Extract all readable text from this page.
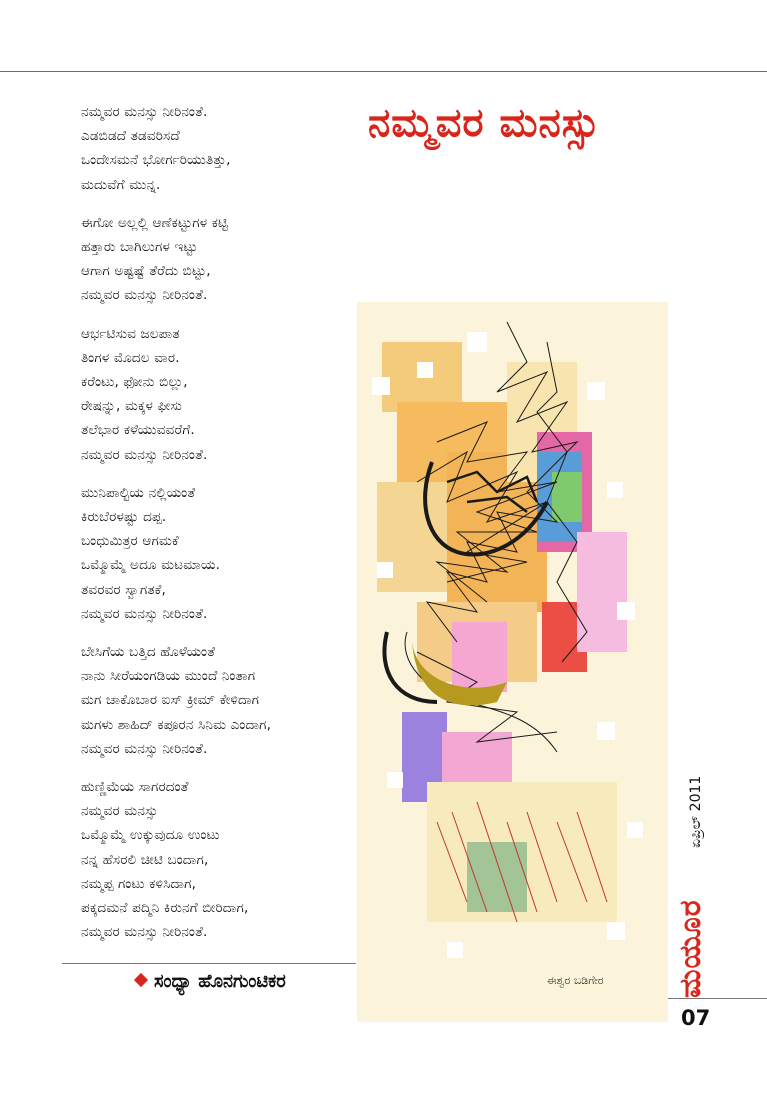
ನಮ್ಮವರ ಮನಸ್ಸು ನೀರಿನಂತೆ.
ಎಡಬಿಡದೆ ತಡವರಿಸದೆ
ಒಂದೇಸಮನೆ ಭೋರ್ಗರಿಯುತಿತ್ತು,
ಮದುವೆಗೆ ಮುನ್ನ.
ಈಗೋ ಅಲ್ಲಲ್ಲಿ ಆಣೆಕಟ್ಟುಗಳ ಕಟ್ಟಿ
ಹತ್ತಾರು ಬಾಗಿಲುಗಳ ಇಟ್ಟು
ಆಗಾಗ ಅಷ್ಟಷ್ಟೆ ತೆರೆದು ಬಿಟ್ಟು,
ನಮ್ಮವರ ಮನಸ್ಸು ನೀರಿನಂತೆ.
ಆರ್ಭಟಿಸುವ ಜಲಪಾತ
ತಿಂಗಳ ಮೊದಲ ವಾರ.
ಕರೆಂಟು, ಫೋನು ಬಿಲ್ಲು,
ರೇಷನ್ನು, ಮಕ್ಕಳ ಫೀಸು
ತಲೆಭಾರ ಕಳೆಯುವವರೆಗೆ.
ನಮ್ಮವರ ಮನಸ್ಸು ನೀರಿನಂತೆ.
ಮುನಿಪಾಲ್ಟಿಯ ನಲ್ಲಿಯಂತೆ
ಕಿರುಬೆರಳಷ್ಟು ದಪ್ಪ.
ಬಂಧುಮಿತ್ರರ ಆಗಮಕೆ
ಒಮ್ಮೊಮ್ಮೆ ಅದೂ ಮಟಮಾಯ.
ತವರವರ ಸ್ವಾಗತಕೆ,
ನಮ್ಮವರ ಮನಸ್ಸು ನೀರಿನಂತೆ.
ಬೇಸಿಗೆಯ ಬತ್ತಿದ ಹೊಳೆಯಂತೆ
ನಾನು ಸೀರೆಯಂಗಡಿಯ ಮುಂದೆ ನಿಂತಾಗ
ಮಗ ಚಾಕೊಬಾರ ಐಸ್ ಕ್ರೀಮ್ ಕೇಳಿದಾಗ
ಮಗಳು ಶಾಹಿದ್ ಕಪೂರನ ಸಿನಿಮ ಎಂದಾಗ,
ನಮ್ಮವರ ಮನಸ್ಸು ನೀರಿನಂತೆ.
ಹುಣ್ಣಿಮೆಯ ಸಾಗರದಂತೆ
ನಮ್ಮವರ ಮನಸ್ಸು
ಒಮ್ಮೊಮ್ಮೆ ಉಕ್ಕುವುದೂ ಉಂಟು
ನನ್ನ ಹೆಸರಲಿ ಚೀಟಿ ಬಂದಾಗ,
ನಮ್ಮಪ್ಪ ಗಂಟು ಕಳಿಸಿದಾಗ,
ಪಕ್ಕದಮನೆ ಪದ್ಮಿನಿ ಕಿರುನಗೆ ಬೀರಿದಾಗ,
ನಮ್ಮವರ ಮನಸ್ಸು ನೀರಿನಂತೆ.
ನಮ್ಮವರ ಮನಸ್ಸು
ಈಶ್ವರ ಬಡಿಗೇರ
ಸಂಧ್ಯಾ ಹೊನಗುಂಟಿಕರ
ಏಪ್ರಿಲ್ 2011
ಮಯೂರ
07
